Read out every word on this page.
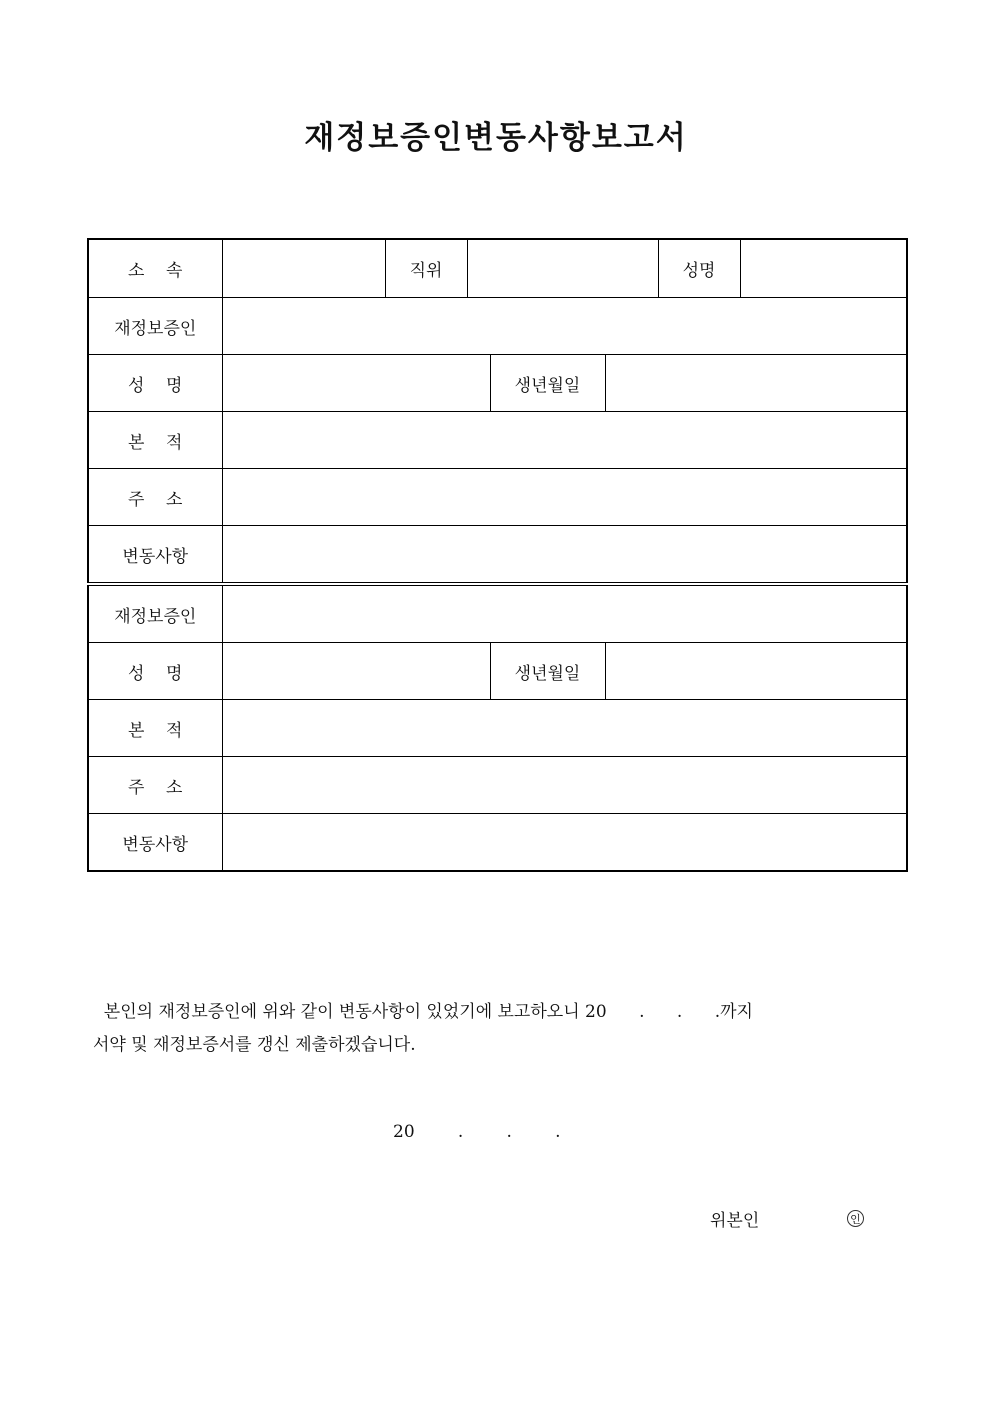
재정보증인변동사항보고서
소    속		직위				성명	
재정보증인							
성    명				생년월일			
본    적							
주    소							
변동사항							
재정보증인							
성    명				생년월일			
본    적							
주    소							
변동사항							
본인의 재정보증인에 위와 같이 변동사항이 있었기에 보고하오니 20      .      .      .까지
서약 및 재정보증서를 갱신 제출하겠습니다.

20        .        .        .

위본인	인
